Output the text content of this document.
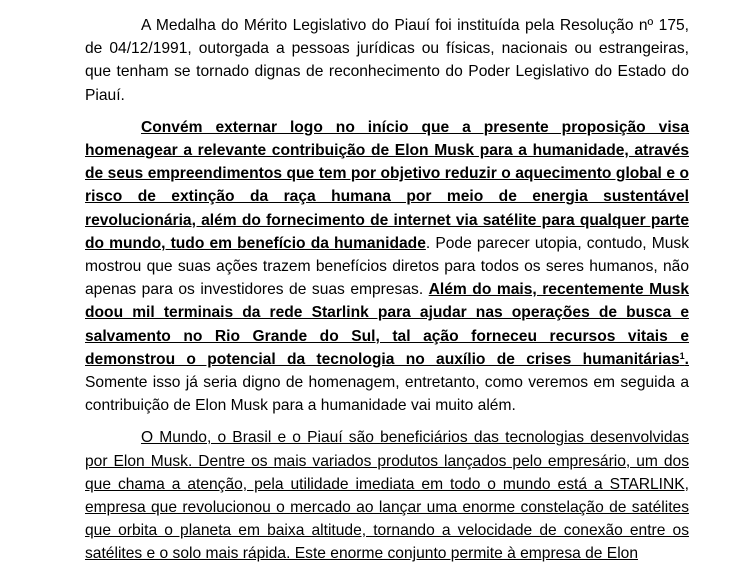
A Medalha do Mérito Legislativo do Piauí foi instituída pela Resolução nº 175, de 04/12/1991, outorgada a pessoas jurídicas ou físicas, nacionais ou estrangeiras, que tenham se tornado dignas de reconhecimento do Poder Legislativo do Estado do Piauí.

Convém externar logo no início que a presente proposição visa homenagear a relevante contribuição de Elon Musk para a humanidade, através de seus empreendimentos que tem por objetivo reduzir o aquecimento global e o risco de extinção da raça humana por meio de energia sustentável revolucionária, além do fornecimento de internet via satélite para qualquer parte do mundo, tudo em benefício da humanidade. Pode parecer utopia, contudo, Musk mostrou que suas ações trazem benefícios diretos para todos os seres humanos, não apenas para os investidores de suas empresas. Além do mais, recentemente Musk doou mil terminais da rede Starlink para ajudar nas operações de busca e salvamento no Rio Grande do Sul, tal ação forneceu recursos vitais e demonstrou o potencial da tecnologia no auxílio de crises humanitárias$^1$. Somente isso já seria digno de homenagem, entretanto, como veremos em seguida a contribuição de Elon Musk para a humanidade vai muito além.

O Mundo, o Brasil e o Piauí são beneficiários das tecnologias desenvolvidas por Elon Musk. Dentre os mais variados produtos lançados pelo empresário, um dos que chama a atenção, pela utilidade imediata em todo o mundo está a STARLINK, empresa que revolucionou o mercado ao lançar uma enorme constelação de satélites que orbita o planeta em baixa altitude, tornando a velocidade de conexão entre os satélites e o solo mais rápida. Este enorme conjunto permite à empresa de Elon
